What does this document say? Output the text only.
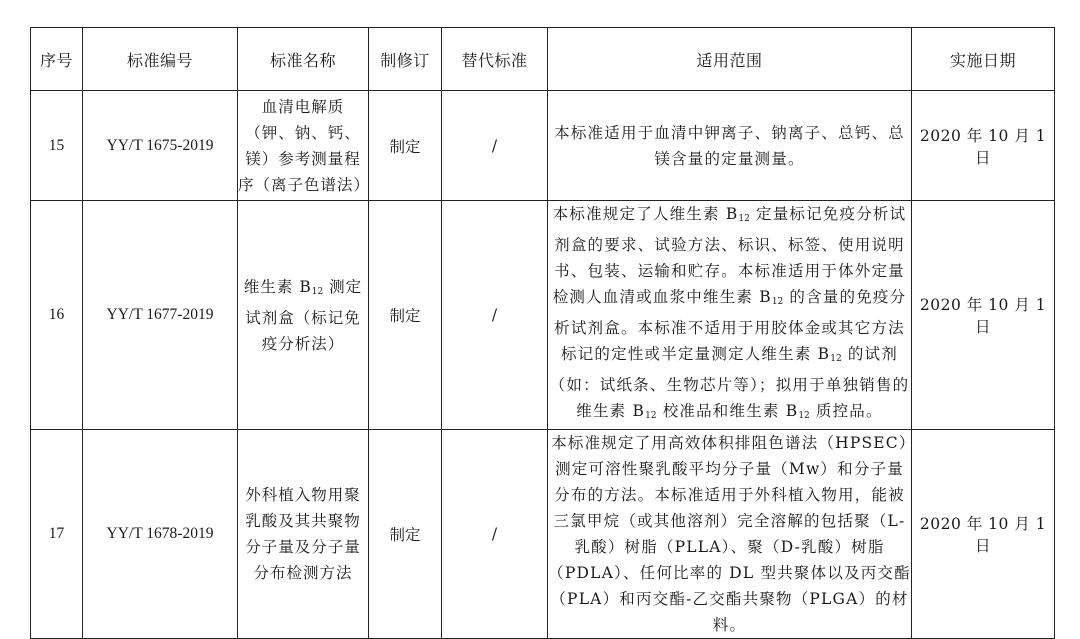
序号	标准编号	标准名称	制修订	替代标准	适用范围	实施日期
15	YY/T 1675-2019	血清电解质（钾、钠、钙、镁）参考测量程序（离子色谱法）	制定	/	本标准适用于血清中钾离子、钠离子、总钙、总镁含量的定量测量。	2020 年 10 月 1 日
16	YY/T 1677-2019	维生素 $B_{12}$ 测定试剂盒（标记免疫分析法）	制定	/	本标准规定了人维生素 $B_{12}$ 定量标记免疫分析试剂盒的要求、试验方法、标识、标签、使用说明书、包装、运输和贮存。本标准适用于体外定量检测人血清或血浆中维生素 $B_{12}$ 的含量的免疫分析试剂盒。本标准不适用于用胶体金或其它方法标记的定性或半定量测定人维生素 $B_{12}$ 的试剂（如：试纸条、生物芯片等）；拟用于单独销售的维生素 $B_{12}$ 校准品和维生素 $B_{12}$ 质控品。	2020 年 10 月 1 日
17	YY/T 1678-2019	外科植入物用聚乳酸及其共聚物分子量及分子量分布检测方法	制定	/	本标准规定了用高效体积排阻色谱法（HPSEC）测定可溶性聚乳酸平均分子量（Mw）和分子量分布的方法。本标准适用于外科植入物用，能被三氯甲烷（或其他溶剂）完全溶解的包括聚（L-乳酸）树脂（PLLA）、聚（D-乳酸）树脂（PDLA）、任何比率的 DL 型共聚体以及丙交酯（PLA）和丙交酯-乙交酯共聚物（PLGA）的材料。	2020 年 10 月 1 日
